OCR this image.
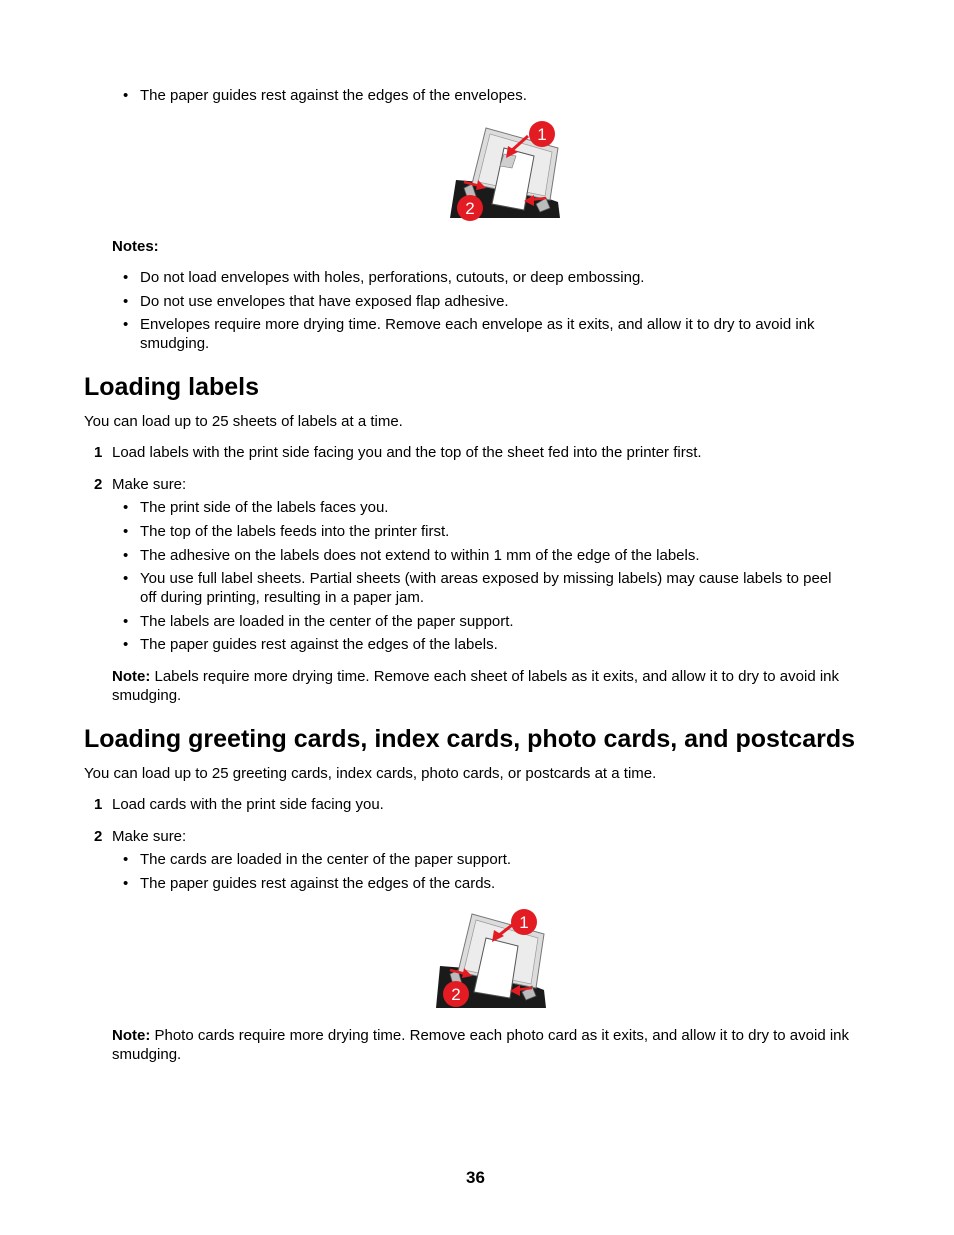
• The paper guides rest against the edges of the envelopes.
1
2
Notes:
• Do not load envelopes with holes, perforations, cutouts, or deep embossing.
• Do not use envelopes that have exposed flap adhesive.
• Envelopes require more drying time. Remove each envelope as it exits, and allow it to dry to avoid ink
smudging.
Loading labels
You can load up to 25 sheets of labels at a time.
1 Load labels with the print side facing you and the top of the sheet fed into the printer first.
2 Make sure:
• The print side of the labels faces you.
• The top of the labels feeds into the printer first.
• The adhesive on the labels does not extend to within 1 mm of the edge of the labels.
• You use full label sheets. Partial sheets (with areas exposed by missing labels) may cause labels to peel
off during printing, resulting in a paper jam.
• The labels are loaded in the center of the paper support.
• The paper guides rest against the edges of the labels.
Note: Labels require more drying time. Remove each sheet of labels as it exits, and allow it to dry to avoid ink
smudging.
Loading greeting cards, index cards, photo cards, and postcards
You can load up to 25 greeting cards, index cards, photo cards, or postcards at a time.
1 Load cards with the print side facing you.
2 Make sure:
• The cards are loaded in the center of the paper support.
• The paper guides rest against the edges of the cards.
1
2
Note: Photo cards require more drying time. Remove each photo card as it exits, and allow it to dry to avoid ink
smudging.
36
